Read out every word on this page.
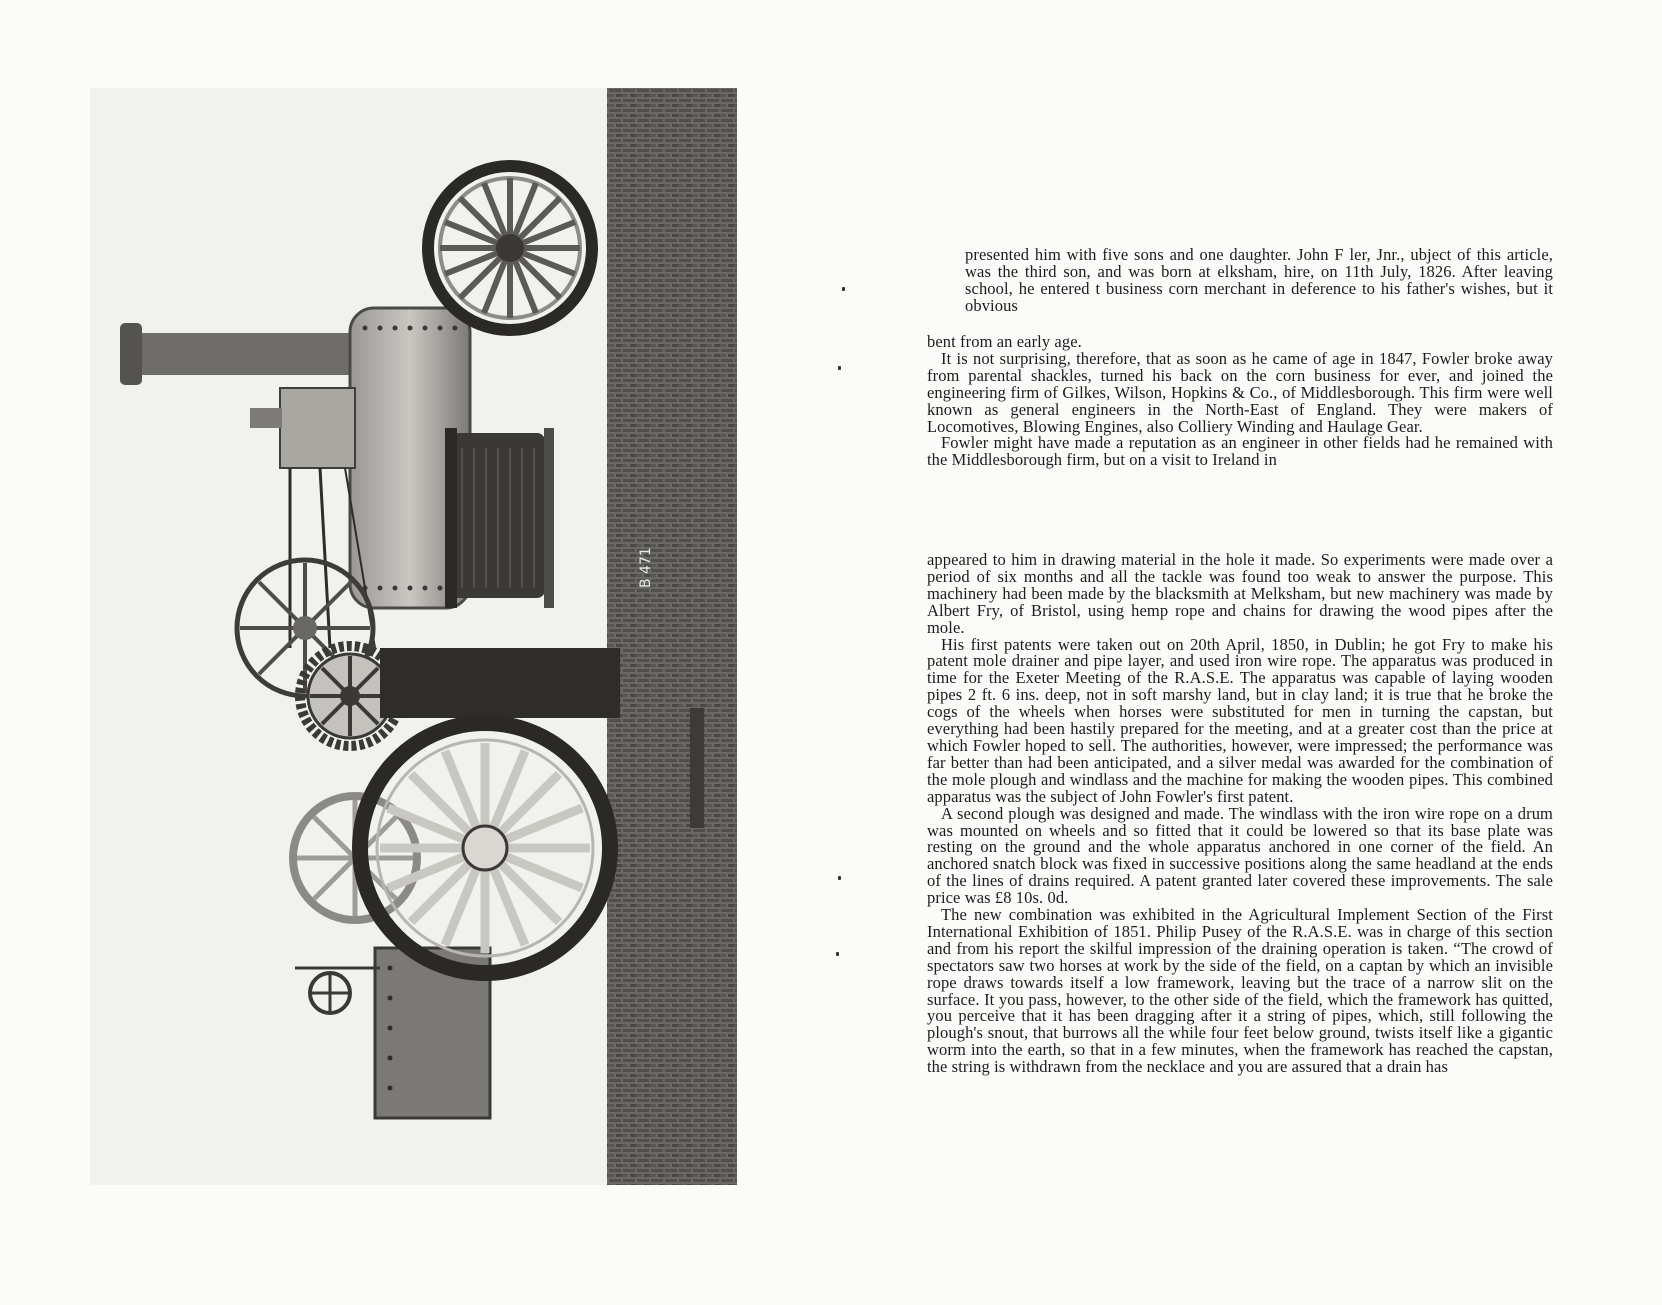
B 471

presented him with five sons and one daughter. John F ler, Jnr., ubject of this article, was the third son, and was born at elksham, hire, on 11th July, 1826. After leaving school, he entered t business corn merchant in deference to his father's wishes, but it obvious

bent from an early age.

It is not surprising, therefore, that as soon as he came of age in 1847, Fowler broke away from parental shackles, turned his back on the corn business for ever, and joined the engineering firm of Gilkes, Wilson, Hopkins & Co., of Middlesborough. This firm were well known as general engineers in the North-East of England. They were makers of Locomotives, Blowing Engines, also Colliery Winding and Haulage Gear.

Fowler might have made a reputation as an engineer in other fields had he remained with the Middlesborough firm, but on a visit to Ireland in

appeared to him in drawing material in the hole it made. So experiments were made over a period of six months and all the tackle was found too weak to answer the purpose. This machinery had been made by the blacksmith at Melksham, but new machinery was made by Albert Fry, of Bristol, using hemp rope and chains for drawing the wood pipes after the mole.

His first patents were taken out on 20th April, 1850, in Dublin; he got Fry to make his patent mole drainer and pipe layer, and used iron wire rope. The apparatus was produced in time for the Exeter Meeting of the R.A.S.E. The apparatus was capable of laying wooden pipes 2 ft. 6 ins. deep, not in soft marshy land, but in clay land; it is true that he broke the cogs of the wheels when horses were substituted for men in turning the capstan, but everything had been hastily prepared for the meeting, and at a greater cost than the price at which Fowler hoped to sell. The authorities, however, were impressed; the performance was far better than had been anticipated, and a silver medal was awarded for the combination of the mole plough and windlass and the machine for making the wooden pipes. This combined apparatus was the subject of John Fowler's first patent.

A second plough was designed and made. The windlass with the iron wire rope on a drum was mounted on wheels and so fitted that it could be lowered so that its base plate was resting on the ground and the whole apparatus anchored in one corner of the field. An anchored snatch block was fixed in successive positions along the same headland at the ends of the lines of drains required. A patent granted later covered these improvements. The sale price was £8 10s. 0d.

The new combination was exhibited in the Agricultural Implement Section of the First International Exhibition of 1851. Philip Pusey of the R.A.S.E. was in charge of this section and from his report the skilful impression of the draining operation is taken. “The crowd of spectators saw two horses at work by the side of the field, on a captan by which an invisible rope draws towards itself a low framework, leaving but the trace of a narrow slit on the surface. It you pass, however, to the other side of the field, which the framework has quitted, you perceive that it has been dragging after it a string of pipes, which, still following the plough's snout, that burrows all the while four feet below ground, twists itself like a gigantic worm into the earth, so that in a few minutes, when the framework has reached the capstan, the string is withdrawn from the necklace and you are assured that a drain has
